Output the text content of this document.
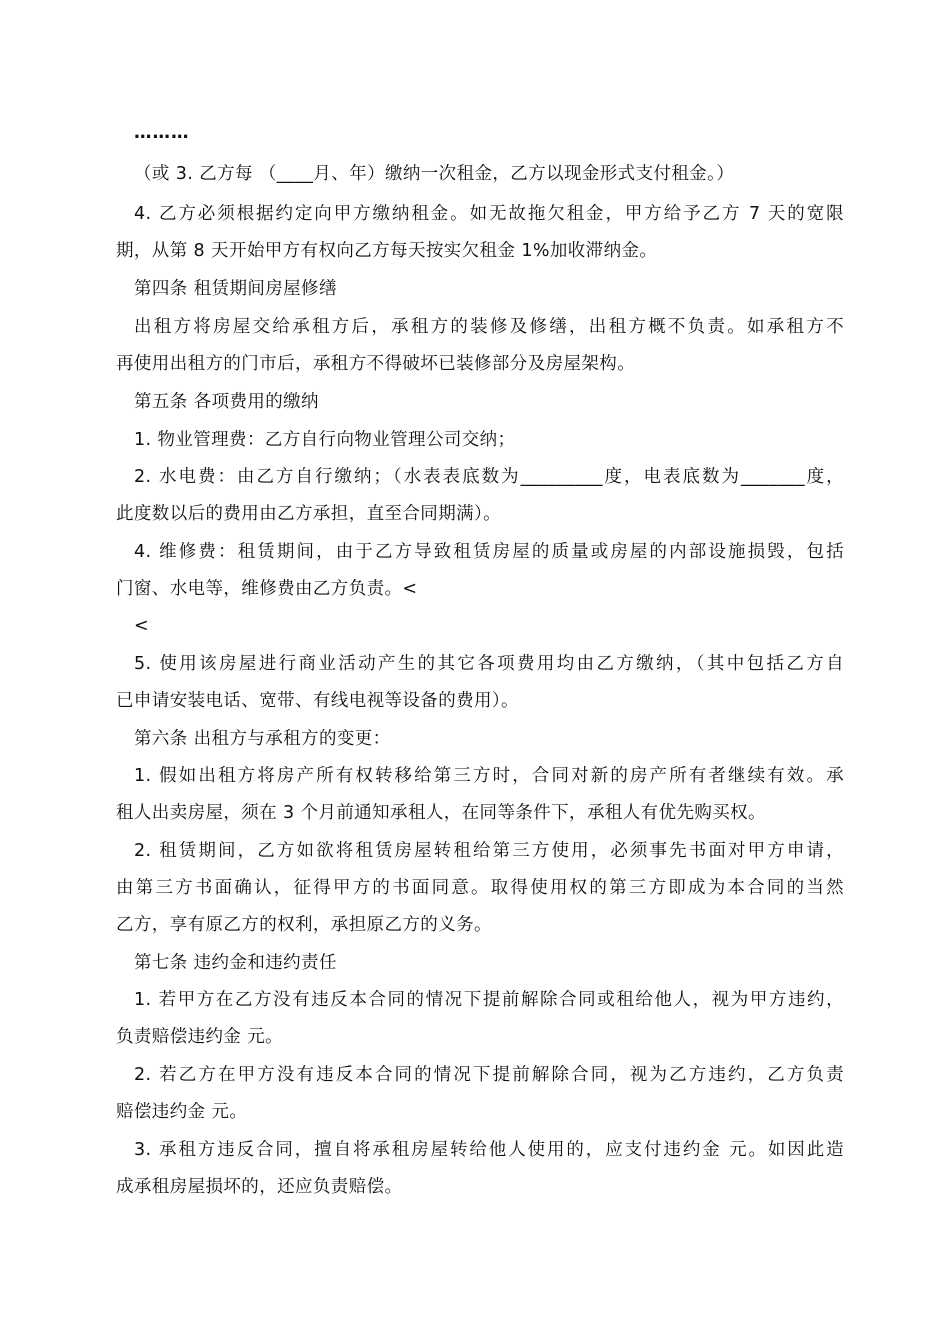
………
（或 3. 乙方每 （____月、年）缴纳一次租金，乙方以现金形式支付租金。）
4. 乙方必须根据约定向甲方缴纳租金。如无故拖欠租金，甲方给予乙方 7 天的宽限
期，从第 8 天开始甲方有权向乙方每天按实欠租金 1%加收滞纳金。
第四条 租赁期间房屋修缮
出租方将房屋交给承租方后，承租方的装修及修缮，出租方概不负责。如承租方不
再使用出租方的门市后，承租方不得破坏已装修部分及房屋架构。
第五条 各项费用的缴纳
1. 物业管理费：乙方自行向物业管理公司交纳；
2. 水电费：由乙方自行缴纳；（水表表底数为_________度，电表底数为_______度，
此度数以后的费用由乙方承担，直至合同期满）。
4. 维修费：租赁期间，由于乙方导致租赁房屋的质量或房屋的内部设施损毁，包括
门窗、水电等，维修费由乙方负责。<
<
5. 使用该房屋进行商业活动产生的其它各项费用均由乙方缴纳，（其中包括乙方自
已申请安装电话、宽带、有线电视等设备的费用）。
第六条 出租方与承租方的变更：
1. 假如出租方将房产所有权转移给第三方时，合同对新的房产所有者继续有效。承
租人出卖房屋，须在 3 个月前通知承租人，在同等条件下，承租人有优先购买权。
2. 租赁期间，乙方如欲将租赁房屋转租给第三方使用，必须事先书面对甲方申请，
由第三方书面确认，征得甲方的书面同意。取得使用权的第三方即成为本合同的当然
乙方，享有原乙方的权利，承担原乙方的义务。
第七条 违约金和违约责任
1. 若甲方在乙方没有违反本合同的情况下提前解除合同或租给他人，视为甲方违约，
负责赔偿违约金 元。
2. 若乙方在甲方没有违反本合同的情况下提前解除合同，视为乙方违约，乙方负责
赔偿违约金 元。
3. 承租方违反合同，擅自将承租房屋转给他人使用的，应支付违约金 元。如因此造
成承租房屋损坏的，还应负责赔偿。
